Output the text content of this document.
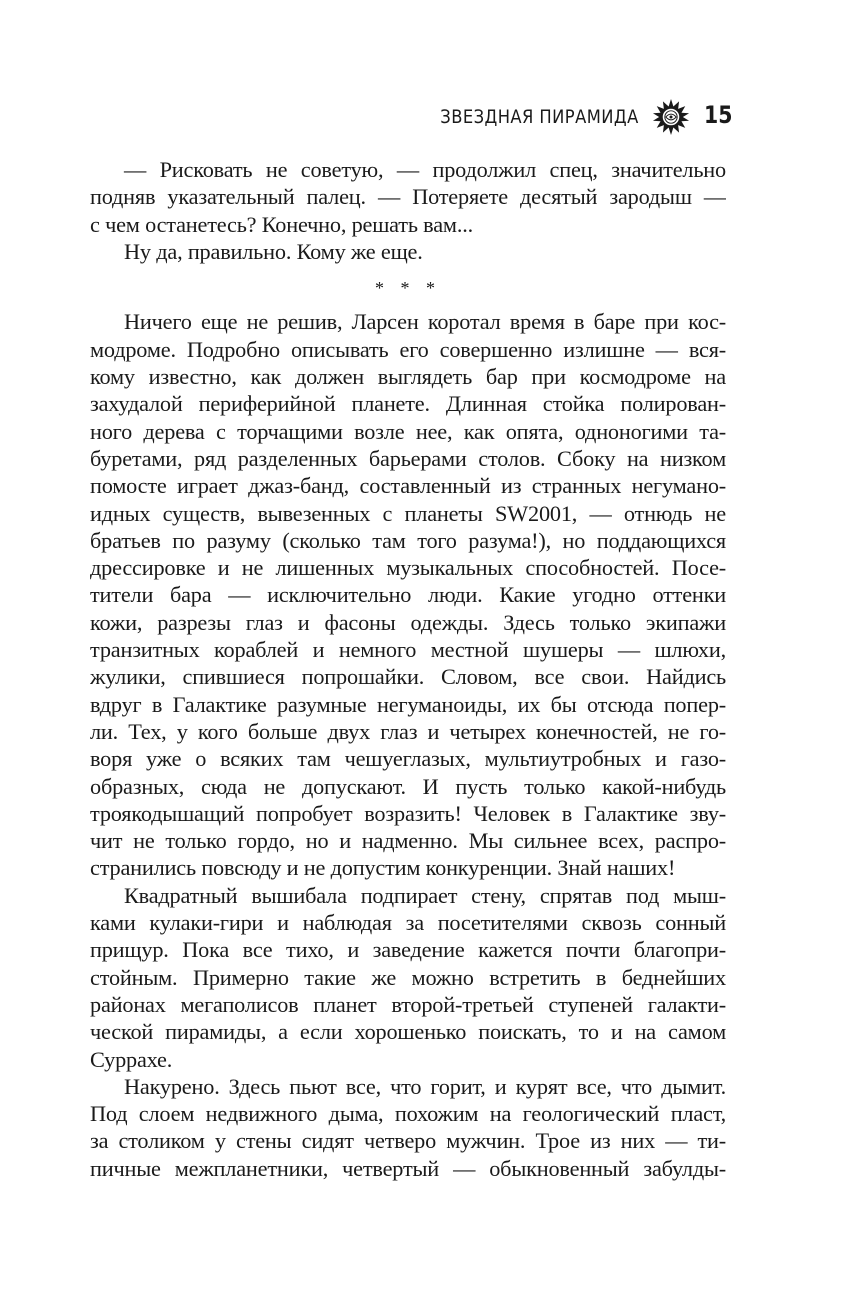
ЗВЕЗДНАЯ ПИРАМИДА	15
— Рисковать не советую, — продолжил спец, значительно
подняв указательный палец. — Потеряете десятый зародыш —
с чем останетесь? Конечно, решать вам...
Ну да, правильно. Кому же еще.
* * *
Ничего еще не решив, Ларсен коротал время в баре при кос-
модроме. Подробно описывать его совершенно излишне — вся-
кому известно, как должен выглядеть бар при космодроме на
захудалой периферийной планете. Длинная стойка полирован-
ного дерева с торчащими возле нее, как опята, одноногими та-
буретами, ряд разделенных барьерами столов. Сбоку на низком
помосте играет джаз-банд, составленный из странных негумано-
идных существ, вывезенных с планеты SW2001, — отнюдь не
братьев по разуму (сколько там того разума!), но поддающихся
дрессировке и не лишенных музыкальных способностей. Посе-
тители бара — исключительно люди. Какие угодно оттенки
кожи, разрезы глаз и фасоны одежды. Здесь только экипажи
транзитных кораблей и немного местной шушеры — шлюхи,
жулики, спившиеся попрошайки. Словом, все свои. Найдись
вдруг в Галактике разумные негуманоиды, их бы отсюда попер-
ли. Тех, у кого больше двух глаз и четырех конечностей, не го-
воря уже о всяких там чешуеглазых, мультиутробных и газо-
образных, сюда не допускают. И пусть только какой-нибудь
троякодышащий попробует возразить! Человек в Галактике зву-
чит не только гордо, но и надменно. Мы сильнее всех, распро-
странились повсюду и не допустим конкуренции. Знай наших!
Квадратный вышибала подпирает стену, спрятав под мыш-
ками кулаки-гири и наблюдая за посетителями сквозь сонный
прищур. Пока все тихо, и заведение кажется почти благопри-
стойным. Примерно такие же можно встретить в беднейших
районах мегаполисов планет второй-третьей ступеней галакти-
ческой пирамиды, а если хорошенько поискать, то и на самом
Суррахе.
Накурено. Здесь пьют все, что горит, и курят все, что дымит.
Под слоем недвижного дыма, похожим на геологический пласт,
за столиком у стены сидят четверо мужчин. Трое из них — ти-
пичные межпланетники, четвертый — обыкновенный забулды-
